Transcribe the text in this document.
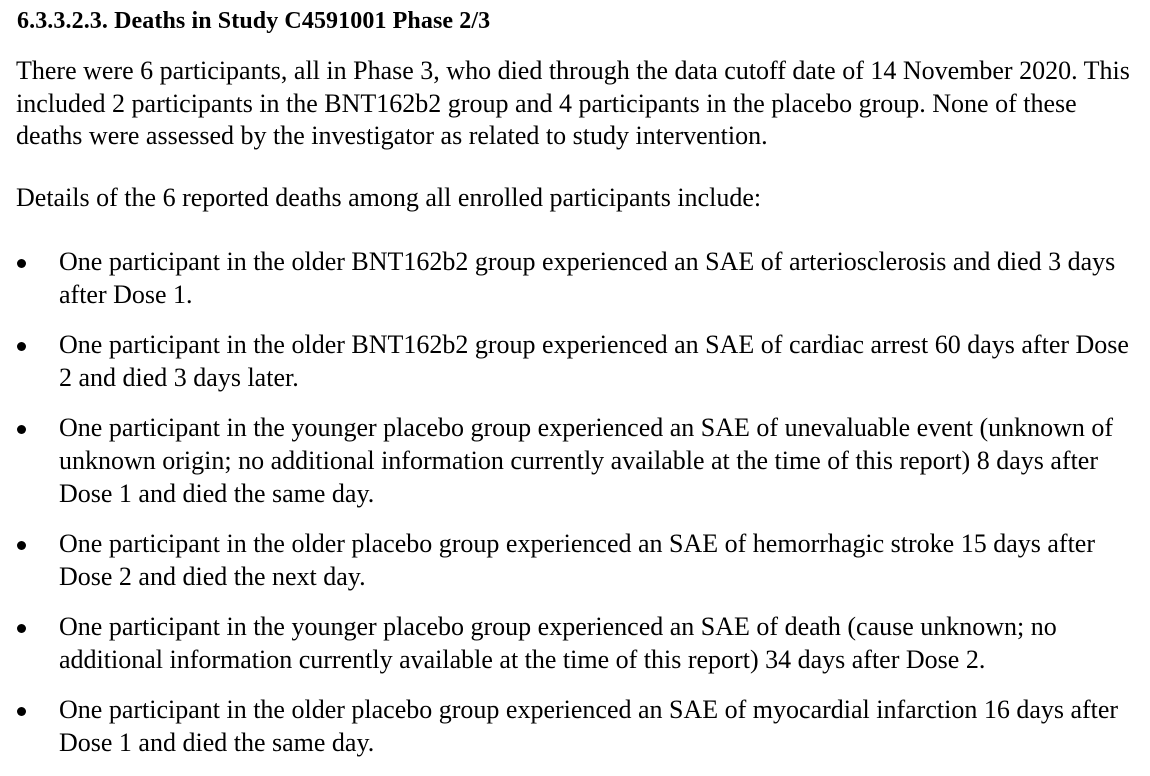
6.3.3.2.3. Deaths in Study C4591001 Phase 2/3

There were 6 participants, all in Phase 3, who died through the data cutoff date of 14 November 2020. This included 2 participants in the BNT162b2 group and 4 participants in the placebo group. None of these deaths were assessed by the investigator as related to study intervention.

Details of the 6 reported deaths among all enrolled participants include:

One participant in the older BNT162b2 group experienced an SAE of arteriosclerosis and died 3 days after Dose 1.
One participant in the older BNT162b2 group experienced an SAE of cardiac arrest 60 days after Dose 2 and died 3 days later.
One participant in the younger placebo group experienced an SAE of unevaluable event (unknown of unknown origin; no additional information currently available at the time of this report) 8 days after Dose 1 and died the same day.
One participant in the older placebo group experienced an SAE of hemorrhagic stroke 15 days after Dose 2 and died the next day.
One participant in the younger placebo group experienced an SAE of death (cause unknown; no additional information currently available at the time of this report) 34 days after Dose 2.
One participant in the older placebo group experienced an SAE of myocardial infarction 16 days after Dose 1 and died the same day.
